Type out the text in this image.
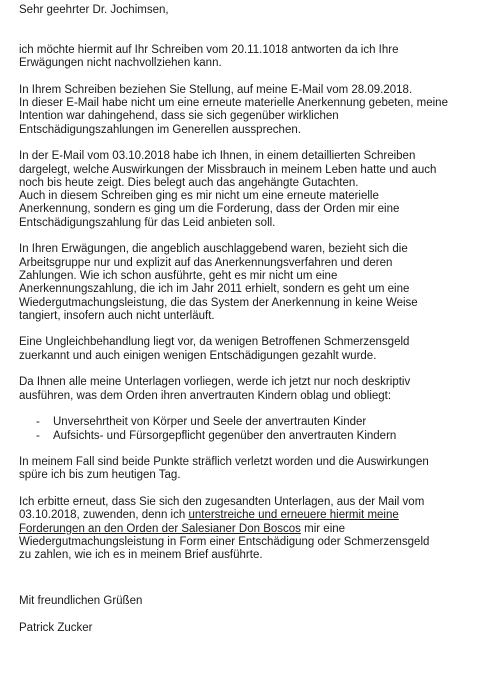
Sehr geehrter Dr. Jochimsen,
ich möchte hiermit auf Ihr Schreiben vom 20.11.1018 antworten da ich Ihre
Erwägungen nicht nachvollziehen kann.
In Ihrem Schreiben beziehen Sie Stellung, auf meine E-Mail vom 28.09.2018.
In dieser E-Mail habe nicht um eine erneute materielle Anerkennung gebeten, meine
Intention war dahingehend, dass sie sich gegenüber wirklichen
Entschädigungszahlungen im Generellen aussprechen.
In der E-Mail vom 03.10.2018 habe ich Ihnen, in einem detaillierten Schreiben
dargelegt, welche Auswirkungen der Missbrauch in meinem Leben hatte und auch
noch bis heute zeigt. Dies belegt auch das angehängte Gutachten.
Auch in diesem Schreiben ging es mir nicht um eine erneute materielle
Anerkennung, sondern es ging um die Forderung, dass der Orden mir eine
Entschädigungszahlung für das Leid anbieten soll.
In Ihren Erwägungen, die angeblich auschlaggebend waren, bezieht sich die
Arbeitsgruppe nur und explizit auf das Anerkennungsverfahren und deren
Zahlungen. Wie ich schon ausführte, geht es mir nicht um eine
Anerkennungszahlung, die ich im Jahr 2011 erhielt, sondern es geht um eine
Wiedergutmachungsleistung, die das System der Anerkennung in keine Weise
tangiert, insofern auch nicht unterläuft.
Eine Ungleichbehandlung liegt vor, da wenigen Betroffenen Schmerzensgeld
zuerkannt und auch einigen wenigen Entschädigungen gezahlt wurde.
Da Ihnen alle meine Unterlagen vorliegen, werde ich jetzt nur noch deskriptiv
ausführen, was dem Orden ihren anvertrauten Kindern oblag und obliegt:
- Unversehrtheit von Körper und Seele der anvertrauten Kinder
- Aufsichts- und Fürsorgepflicht gegenüber den anvertrauten Kindern
In meinem Fall sind beide Punkte sträflich verletzt worden und die Auswirkungen
spüre ich bis zum heutigen Tag.
Ich erbitte erneut, dass Sie sich den zugesandten Unterlagen, aus der Mail vom
03.10.2018, zuwenden, denn ich unterstreiche und erneuere hiermit meine
Forderungen an den Orden der Salesianer Don Boscos mir eine
Wiedergutmachungsleistung in Form einer Entschädigung oder Schmerzensgeld
zu zahlen, wie ich es in meinem Brief ausführte.
Mit freundlichen Grüßen
Patrick Zucker
